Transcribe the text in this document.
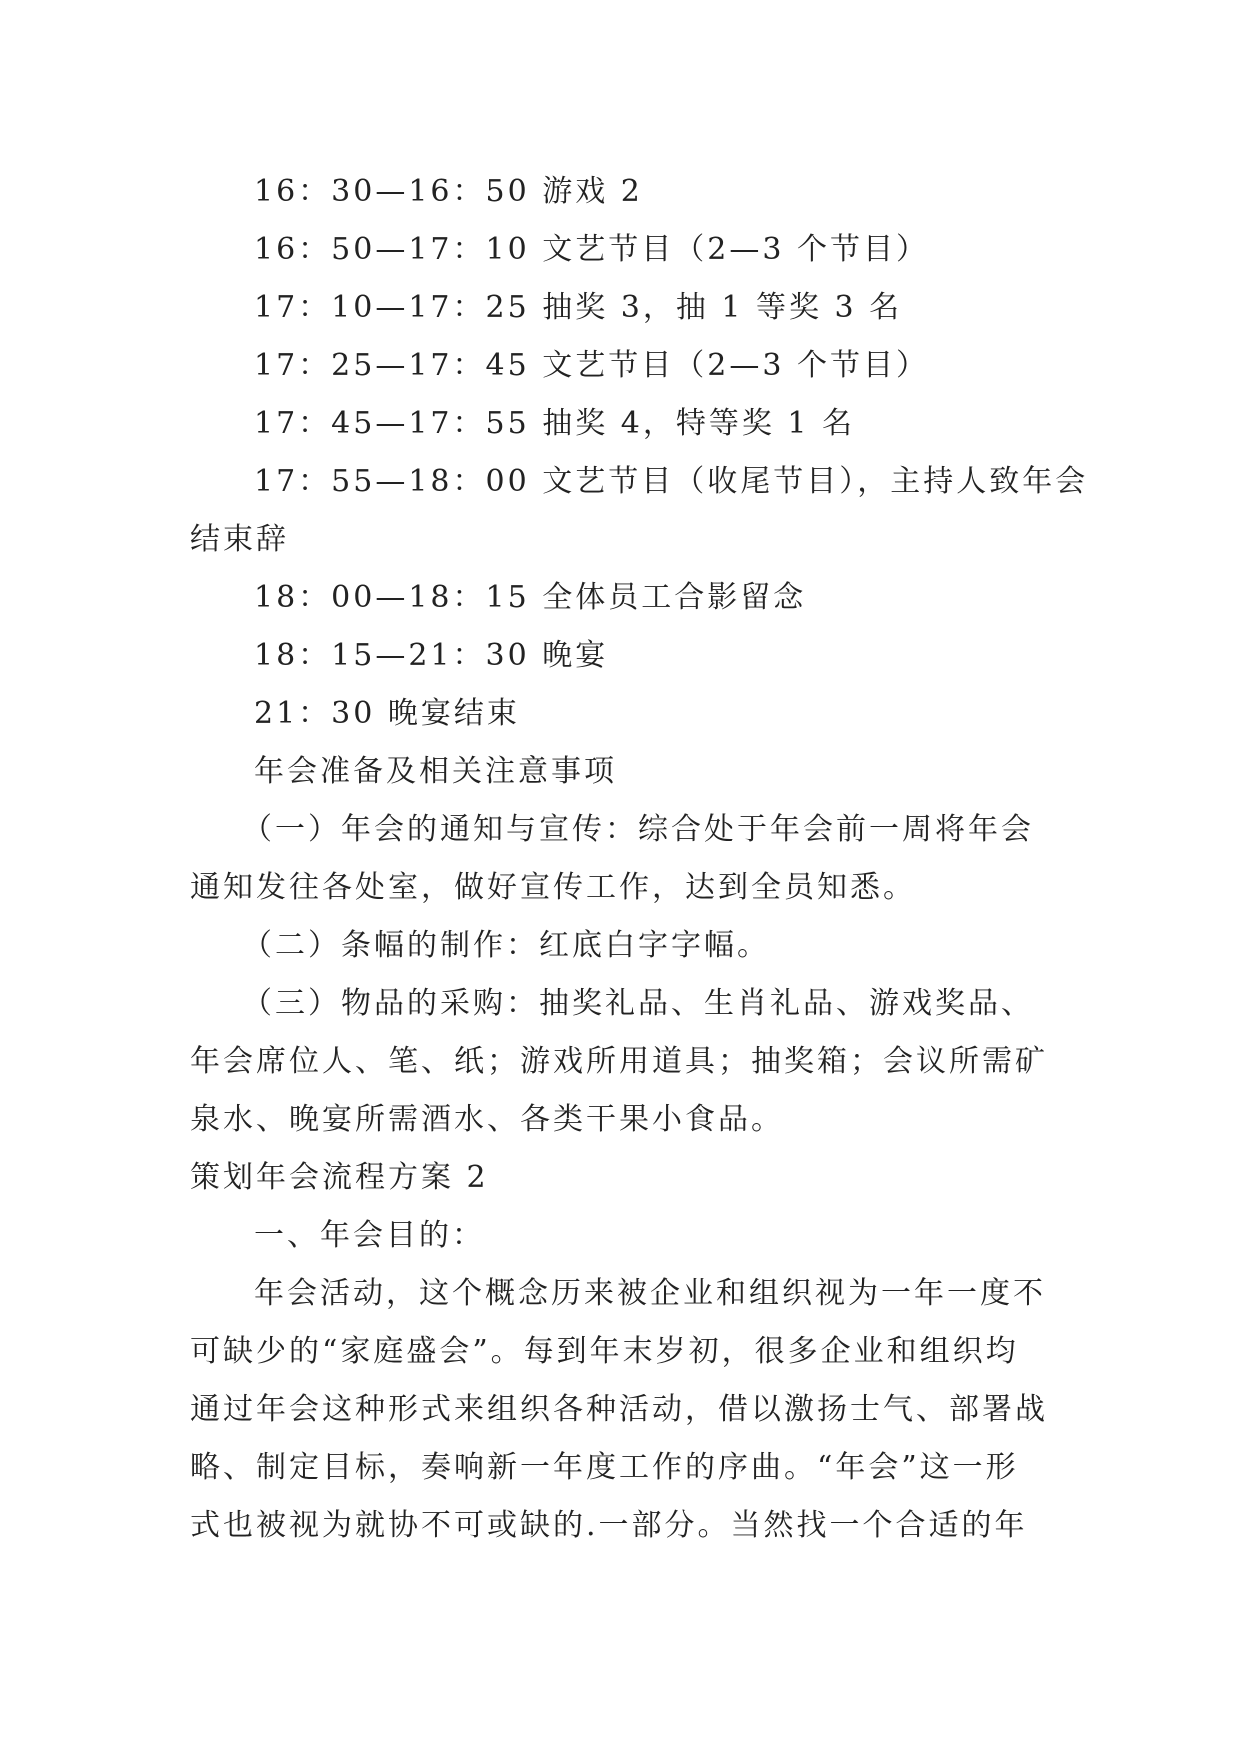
16：30—16：50 游戏 2
16：50—17：10 文艺节目（2—3 个节目）
17：10—17：25 抽奖 3，抽 1 等奖 3 名
17：25—17：45 文艺节目（2—3 个节目）
17：45—17：55 抽奖 4，特等奖 1 名
17：55—18：00 文艺节目（收尾节目），主持人致年会
结束辞
18：00—18：15 全体员工合影留念
18：15—21：30 晚宴
21：30 晚宴结束
年会准备及相关注意事项
（一）年会的通知与宣传：综合处于年会前一周将年会
通知发往各处室，做好宣传工作，达到全员知悉。
（二）条幅的制作：红底白字字幅。
（三）物品的采购：抽奖礼品、生肖礼品、游戏奖品、
年会席位人、笔、纸；游戏所用道具；抽奖箱；会议所需矿
泉水、晚宴所需酒水、各类干果小食品。
策划年会流程方案 2
一、年会目的：
年会活动，这个概念历来被企业和组织视为一年一度不
可缺少的“家庭盛会”。每到年末岁初，很多企业和组织均
通过年会这种形式来组织各种活动，借以激扬士气、部署战
略、制定目标，奏响新一年度工作的序曲。“年会”这一形
式也被视为就协不可或缺的.一部分。当然找一个合适的年
